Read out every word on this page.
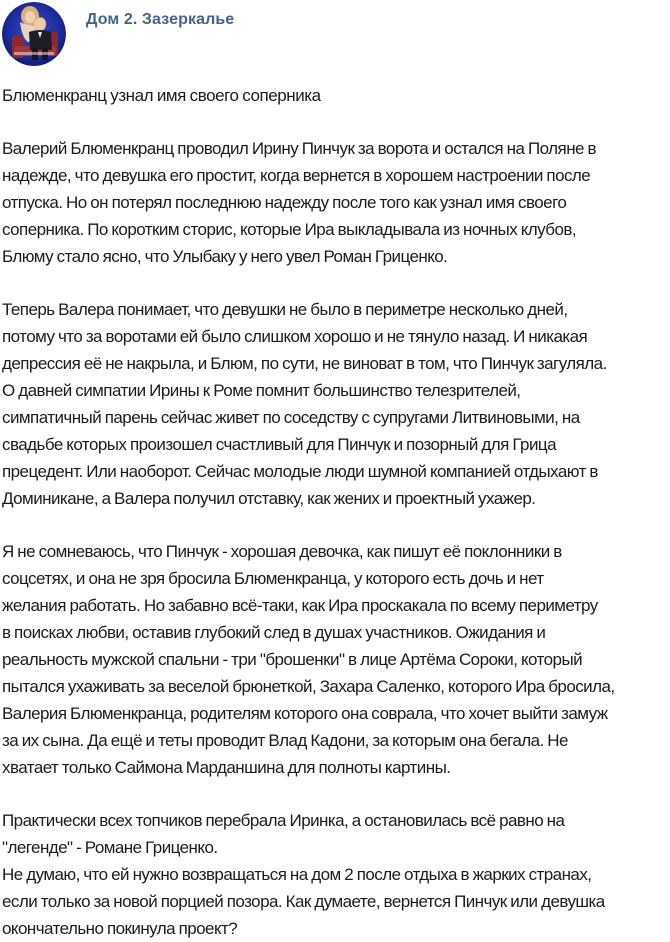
Дом 2. Зазеркалье
Блюменкранц узнал имя своего соперника
Валерий Блюменкранц проводил Ирину Пинчук за ворота и остался на Поляне в
надежде, что девушка его простит, когда вернется в хорошем настроении после
отпуска. Но он потерял последнюю надежду после того как узнал имя своего
соперника. По коротким сторис, которые Ира выкладывала из ночных клубов,
Блюму стало ясно, что Улыбаку у него увел Роман Гриценко.
Теперь Валера понимает, что девушки не было в периметре несколько дней,
потому что за воротами ей было слишком хорошо и не тянуло назад. И никакая
депрессия её не накрыла, и Блюм, по сути, не виноват в том, что Пинчук загуляла.
О давней симпатии Ирины к Роме помнит большинство телезрителей,
симпатичный парень сейчас живет по соседству с супругами Литвиновыми, на
свадьбе которых произошел счастливый для Пинчук и позорный для Грица
прецедент. Или наоборот. Сейчас молодые люди шумной компанией отдыхают в
Доминикане, а Валера получил отставку, как жених и проектный ухажер.
Я не сомневаюсь, что Пинчук - хорошая девочка, как пишут её поклонники в
соцсетях, и она не зря бросила Блюменкранца, у которого есть дочь и нет
желания работать. Но забавно всё-таки, как Ира проскакала по всему периметру
в поисках любви, оставив глубокий след в душах участников. Ожидания и
реальность мужской спальни - три "брошенки" в лице Артёма Сороки, который
пытался ухаживать за веселой брюнеткой, Захара Саленко, которого Ира бросила,
Валерия Блюменкранца, родителям которого она соврала, что хочет выйти замуж
за их сына. Да ещё и теты проводит Влад Кадони, за которым она бегала. Не
хватает только Саймона Марданшина для полноты картины.
Практически всех топчиков перебрала Иринка, а остановилась всё равно на
"легенде" - Романе Гриценко.
Не думаю, что ей нужно возвращаться на дом 2 после отдыха в жарких странах,
если только за новой порцией позора. Как думаете, вернется Пинчук или девушка
окончательно покинула проект?
